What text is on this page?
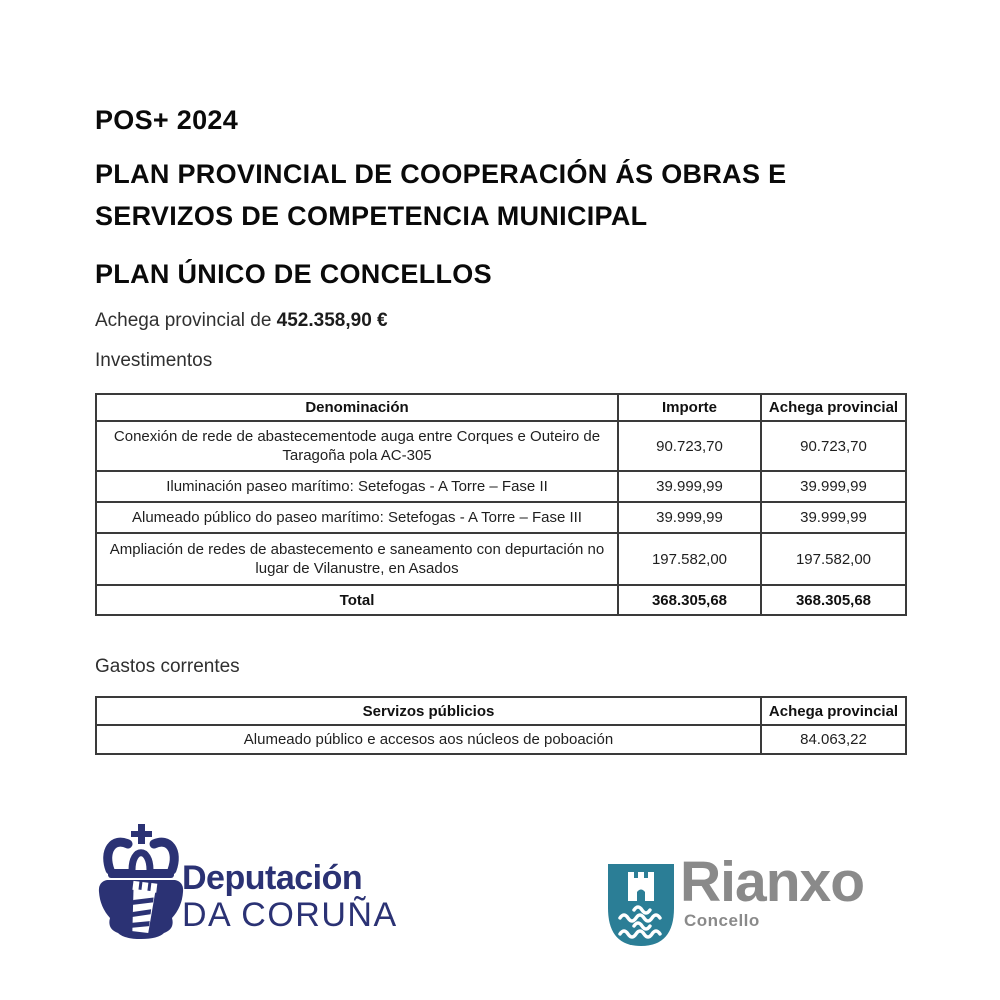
POS+ 2024
PLAN PROVINCIAL DE COOPERACIÓN ÁS OBRAS E
SERVIZOS DE COMPETENCIA MUNICIPAL
PLAN ÚNICO DE CONCELLOS

Achega provincial de 452.358,90 €

Investimentos

Denominación	Importe	Achega provincial
Conexión de rede de abastecementode auga entre Corques e Outeiro de Taragoña pola AC-305	90.723,70	90.723,70
Iluminación paseo marítimo: Setefogas - A Torre – Fase II	39.999,99	39.999,99
Alumeado público do paseo marítimo: Setefogas - A Torre – Fase III	39.999,99	39.999,99
Ampliación de redes de abastecemento e saneamento con depurtación no lugar de Vilanustre, en Asados	197.582,00	197.582,00
Total	368.305,68	368.305,68

Gastos correntes

Servizos públicios	Achega provincial
Alumeado público e accesos aos núcleos de poboación	84.063,22
Deputación
DA CORUÑA
Rianxo
Concello
